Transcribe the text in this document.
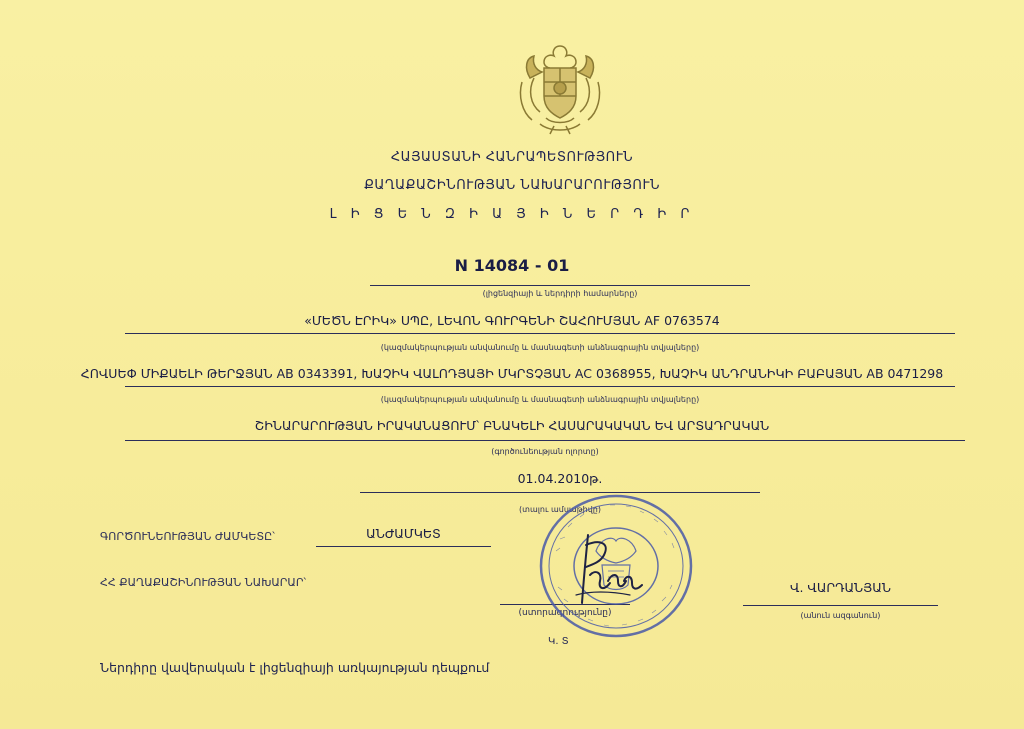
ՀԱՅԱՍՏԱՆԻ ՀԱՆՐԱՊԵՏՈՒԹՅՈՒՆ
ՔԱՂԱՔԱՇԻՆՈՒԹՅԱՆ ՆԱԽԱՐԱՐՈՒԹՅՈՒՆ
Լ Ի Ց Ե Ն Զ Ի Ա Յ Ի Ն Ե Ր Դ Ի Ր
N 14084 - 01
(լիցենզիայի և ներդիրի համարները)
«ՄԵԾՆ ԷՐԻԿ» ՍՊԸ, ԼԵՎՈՆ ԳՈՒՐԳԵՆԻ ՇԱՀՈՒՄՅԱՆ AF 0763574
(կազմակերպության անվանումը և մասնագետի անձնագրային տվյալները)
ՀՈՎՍԵՓ ՄԻՔԱԵԼԻ ԹԵՐՋՅԱՆ AB 0343391, ԽԱՉԻԿ ՎԱԼՈԴՅԱՅԻ ՄԿՐՏՉՅԱՆ AC 0368955, ԽԱՉԻԿ ԱՆԴՐԱՆԻԿԻ ԲԱԲԱՅԱՆ AB 0471298
(կազմակերպության անվանումը և մասնագետի անձնագրային տվյալները)
ՇԻՆԱՐԱՐՈՒԹՅԱՆ ԻՐԱԿԱՆԱՑՈՒՄ՝ ԲՆԱԿԵԼԻ ՀԱՍԱՐԱԿԱԿԱՆ ԵՎ ԱՐՏԱԴՐԱԿԱՆ
(գործունեության ոլորտը)
01.04.2010թ.
(տալու ամսաթիվը)
ԳՈՐԾՈՒՆԵՈՒԹՅԱՆ ԺԱՄԿԵՏԸ՝	ԱՆԺԱՄԿԵՏ
ՀՀ ՔԱՂԱՔԱՇԻՆՈՒԹՅԱՆ ՆԱԽԱՐԱՐ՝
(ստորագրությունը)
Կ. Տ
Վ. ՎԱՐԴԱՆՅԱՆ
(անուն ազգանուն)
Ներդիրը վավերական է լիցենզիայի առկայության դեպքում
